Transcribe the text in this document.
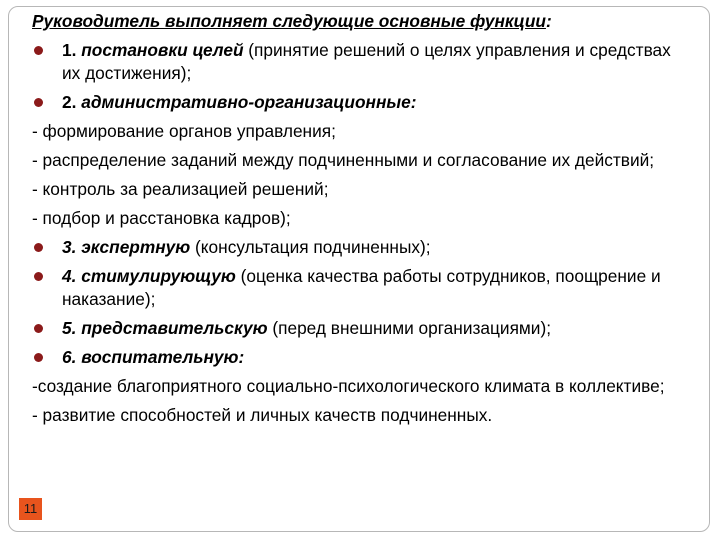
Руководитель выполняет следующие основные функции:
1. постановки целей (принятие решений о целях управления и средствах их достижения);
2. административно-организационные:
- формирование органов управления;
- распределение заданий между подчиненными и согласование их действий;
- контроль за реализацией решений;
- подбор и расстановка кадров);
3. экспертную (консультация подчиненных);
4. стимулирующую (оценка качества работы сотрудников, поощрение и наказание);
5. представительскую (перед внешними организациями);
6. воспитательную:
-создание благоприятного социально-психологического климата в коллективе;
- развитие способностей и личных качеств подчиненных.
11
